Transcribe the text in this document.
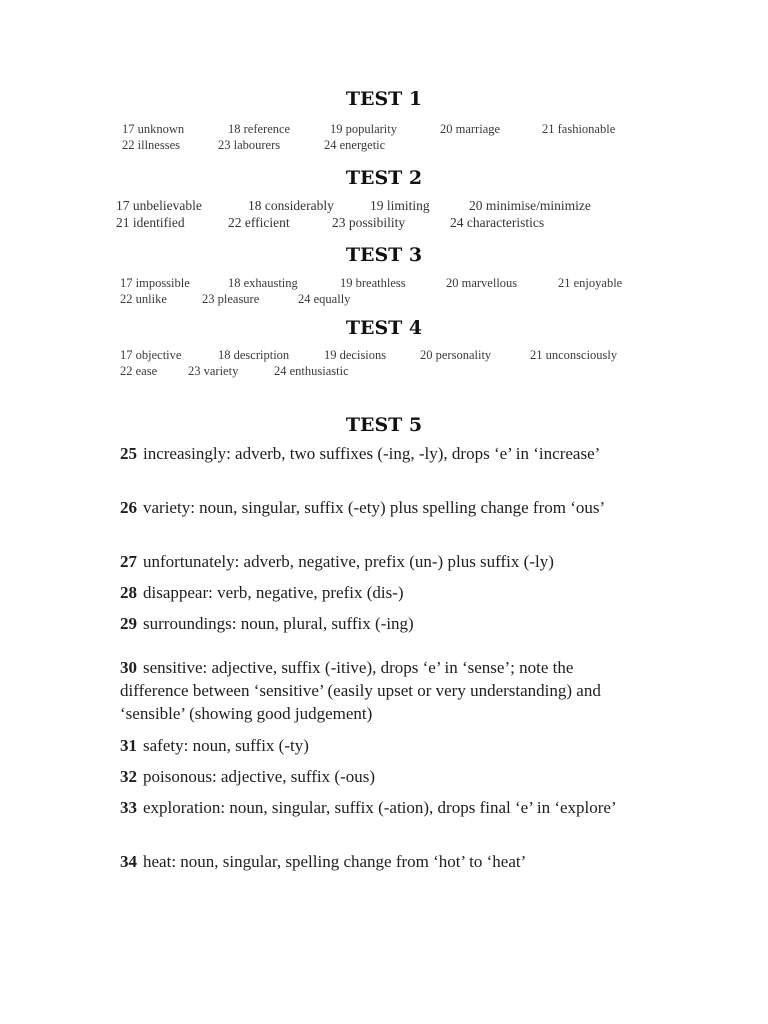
TEST 1
17 unknown	18 reference	19 popularity	20 marriage	21 fashionable
22 illnesses	23 labourers	24 energetic
TEST 2
17 unbelievable	18 considerably	19 limiting	20 minimise/minimize
21 identified	22 efficient	23 possibility	24 characteristics
TEST 3
17 impossible	18 exhausting	19 breathless	20 marvellous	21 enjoyable
22 unlike	23 pleasure	24 equally
TEST 4
17 objective	18 description	19 decisions	20 personality	21 unconsciously
22 ease 23 variety	24 enthusiastic
TEST 5
25 increasingly: adverb, two suffixes (-ing, -ly), drops ‘e’ in ‘increase’
26 variety: noun, singular, suffix (-ety) plus spelling change from ‘ous’
27 unfortunately: adverb, negative, prefix (un-) plus suffix (-ly)
28 disappear: verb, negative, prefix (dis-)
29 surroundings: noun, plural, suffix (-ing)
30 sensitive: adjective, suffix (-itive), drops ‘e’ in ‘sense’; note the difference between ‘sensitive’ (easily upset or very understanding) and ‘sensible’ (showing good judgement)
31 safety: noun, suffix (-ty)
32 poisonous: adjective, suffix (-ous)
33 exploration: noun, singular, suffix (-ation), drops final ‘e’ in ‘explore’
34 heat: noun, singular, spelling change from ‘hot’ to ‘heat’
